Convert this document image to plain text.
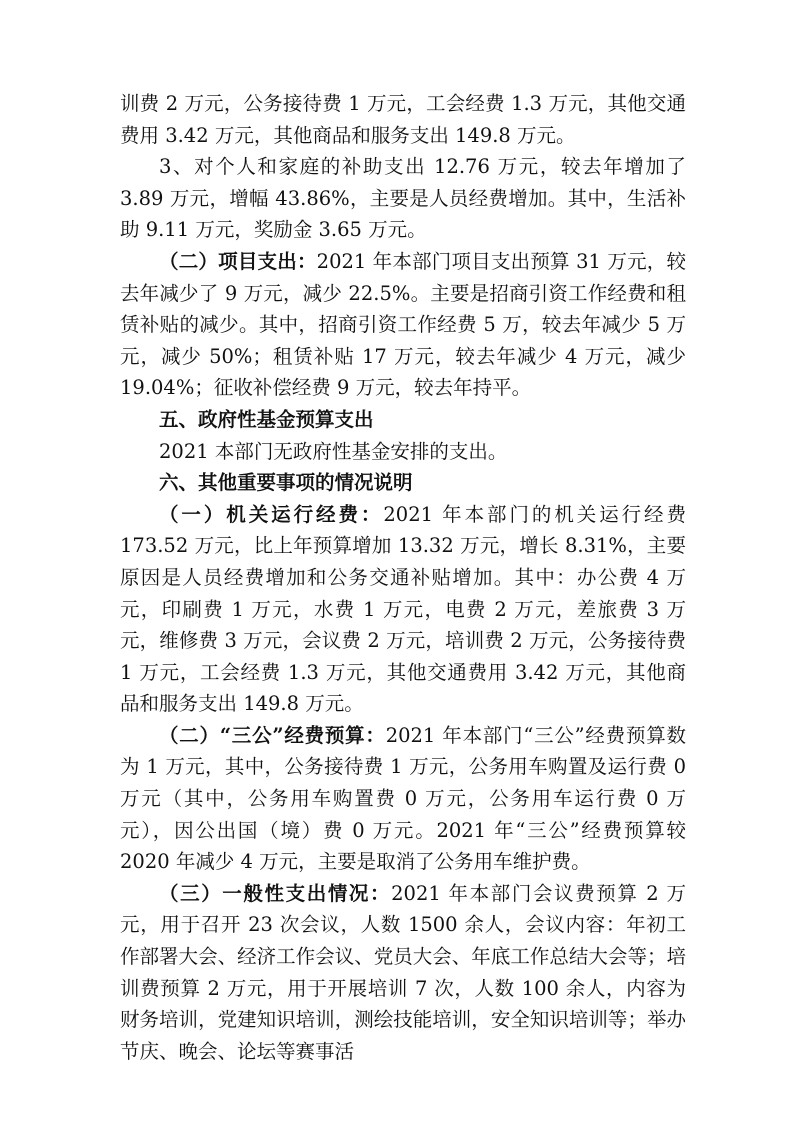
训费 2 万元，公务接待费 1 万元，工会经费 1.3 万元，其他交通费用 3.42 万元，其他商品和服务支出 149.8 万元。

3、对个人和家庭的补助支出 12.76 万元，较去年增加了 3.89 万元，增幅 43.86%，主要是人员经费增加。其中，生活补助 9.11 万元，奖励金 3.65 万元。

（二）项目支出：2021 年本部门项目支出预算 31 万元，较去年减少了 9 万元，减少 22.5%。主要是招商引资工作经费和租赁补贴的减少。其中，招商引资工作经费 5 万，较去年减少 5 万元，减少 50%；租赁补贴 17 万元，较去年减少 4 万元，减少 19.04%；征收补偿经费 9 万元，较去年持平。

五、政府性基金预算支出

2021 本部门无政府性基金安排的支出。

六、其他重要事项的情况说明

（一）机关运行经费：2021 年本部门的机关运行经费 173.52 万元，比上年预算增加 13.32 万元，增长 8.31%，主要原因是人员经费增加和公务交通补贴增加。其中：办公费 4 万元，印刷费 1 万元，水费 1 万元，电费 2 万元，差旅费 3 万元，维修费 3 万元，会议费 2 万元，培训费 2 万元，公务接待费 1 万元，工会经费 1.3 万元，其他交通费用 3.42 万元，其他商品和服务支出 149.8 万元。

（二）“三公”经费预算：2021 年本部门“三公”经费预算数为 1 万元，其中，公务接待费 1 万元，公务用车购置及运行费 0 万元（其中，公务用车购置费 0 万元，公务用车运行费 0 万元），因公出国（境）费 0 万元。2021 年“三公”经费预算较 2020 年减少 4 万元，主要是取消了公务用车维护费。

（三）一般性支出情况：2021 年本部门会议费预算 2 万元，用于召开 23 次会议，人数 1500 余人，会议内容：年初工作部署大会、经济工作会议、党员大会、年底工作总结大会等；培训费预算 2 万元，用于开展培训 7 次，人数 100 余人，内容为财务培训，党建知识培训，测绘技能培训，安全知识培训等；举办节庆、晚会、论坛等赛事活
